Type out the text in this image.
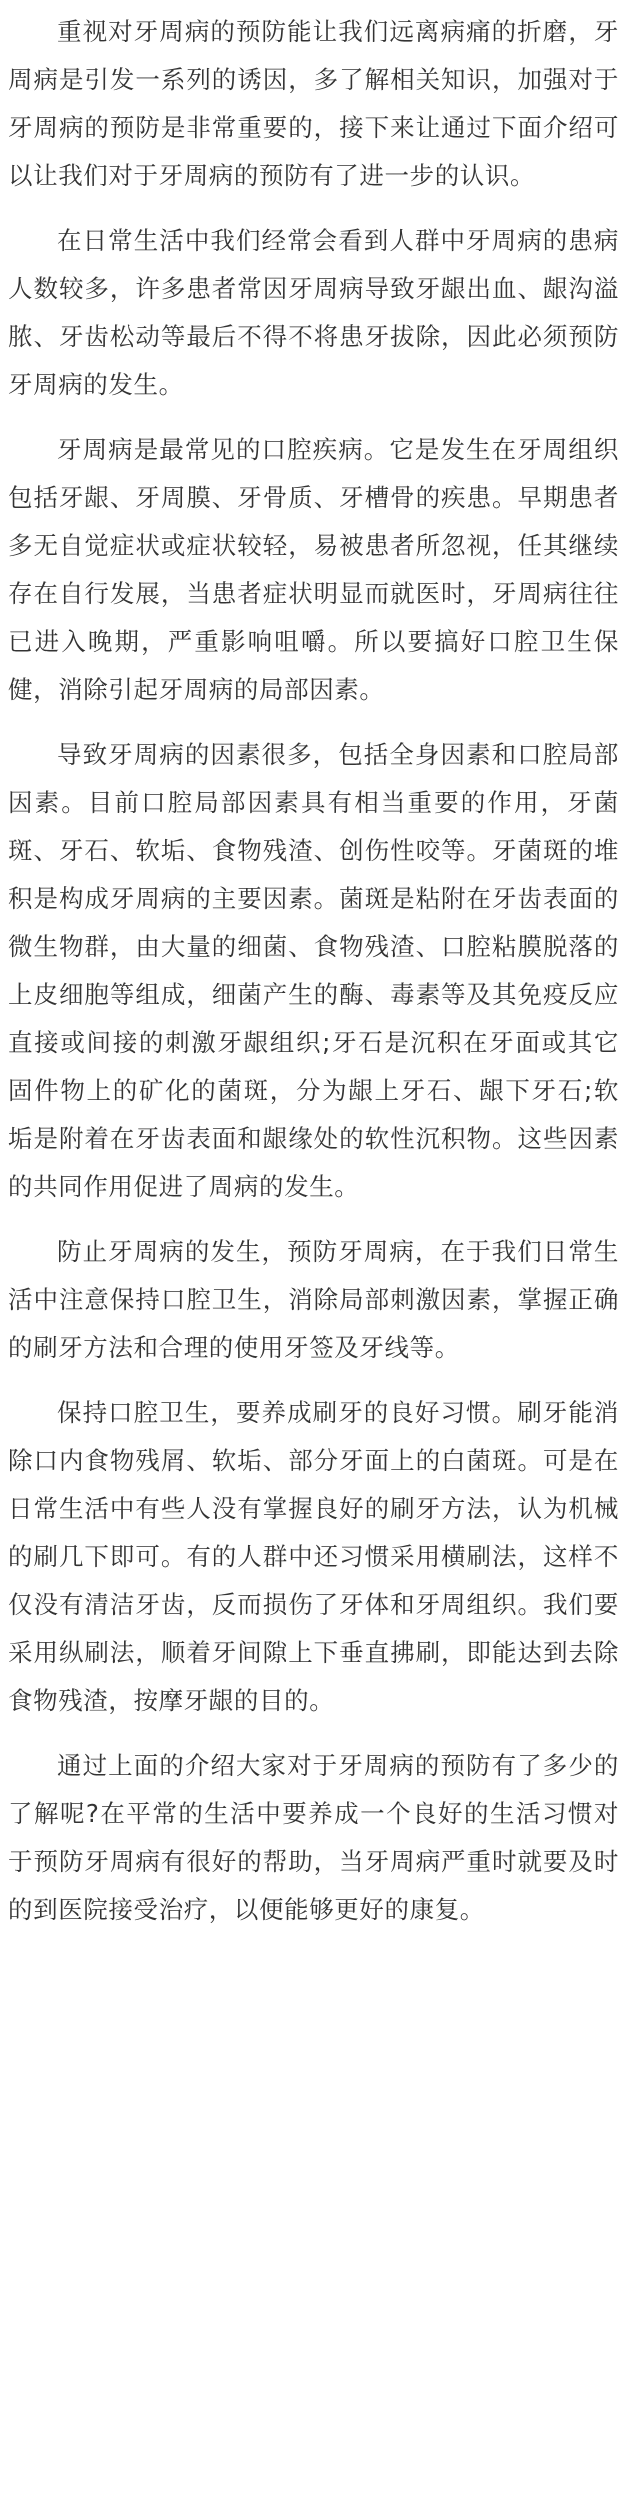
重视对牙周病的预防能让我们远离病痛的折磨，牙周病是引发一系列的诱因，多了解相关知识，加强对于牙周病的预防是非常重要的，接下来让通过下面介绍可以让我们对于牙周病的预防有了进一步的认识。

在日常生活中我们经常会看到人群中牙周病的患病人数较多，许多患者常因牙周病导致牙龈出血、龈沟溢脓、牙齿松动等最后不得不将患牙拔除，因此必须预防牙周病的发生。

牙周病是最常见的口腔疾病。它是发生在牙周组织包括牙龈、牙周膜、牙骨质、牙槽骨的疾患。早期患者多无自觉症状或症状较轻，易被患者所忽视，任其继续存在自行发展，当患者症状明显而就医时，牙周病往往已进入晚期，严重影响咀嚼。所以要搞好口腔卫生保健，消除引起牙周病的局部因素。

导致牙周病的因素很多，包括全身因素和口腔局部因素。目前口腔局部因素具有相当重要的作用，牙菌斑、牙石、软垢、食物残渣、创伤性咬等。牙菌斑的堆积是构成牙周病的主要因素。菌斑是粘附在牙齿表面的微生物群，由大量的细菌、食物残渣、口腔粘膜脱落的上皮细胞等组成，细菌产生的酶、毒素等及其免疫反应直接或间接的刺激牙龈组织;牙石是沉积在牙面或其它固件物上的矿化的菌斑，分为龈上牙石、龈下牙石;软垢是附着在牙齿表面和龈缘处的软性沉积物。这些因素的共同作用促进了周病的发生。

防止牙周病的发生，预防牙周病，在于我们日常生活中注意保持口腔卫生，消除局部刺激因素，掌握正确的刷牙方法和合理的使用牙签及牙线等。

保持口腔卫生，要养成刷牙的良好习惯。刷牙能消除口内食物残屑、软垢、部分牙面上的白菌斑。可是在日常生活中有些人没有掌握良好的刷牙方法，认为机械的刷几下即可。有的人群中还习惯采用横刷法，这样不仅没有清洁牙齿，反而损伤了牙体和牙周组织。我们要采用纵刷法，顺着牙间隙上下垂直拂刷，即能达到去除食物残渣，按摩牙龈的目的。

通过上面的介绍大家对于牙周病的预防有了多少的了解呢?在平常的生活中要养成一个良好的生活习惯对于预防牙周病有很好的帮助，当牙周病严重时就要及时的到医院接受治疗，以便能够更好的康复。
